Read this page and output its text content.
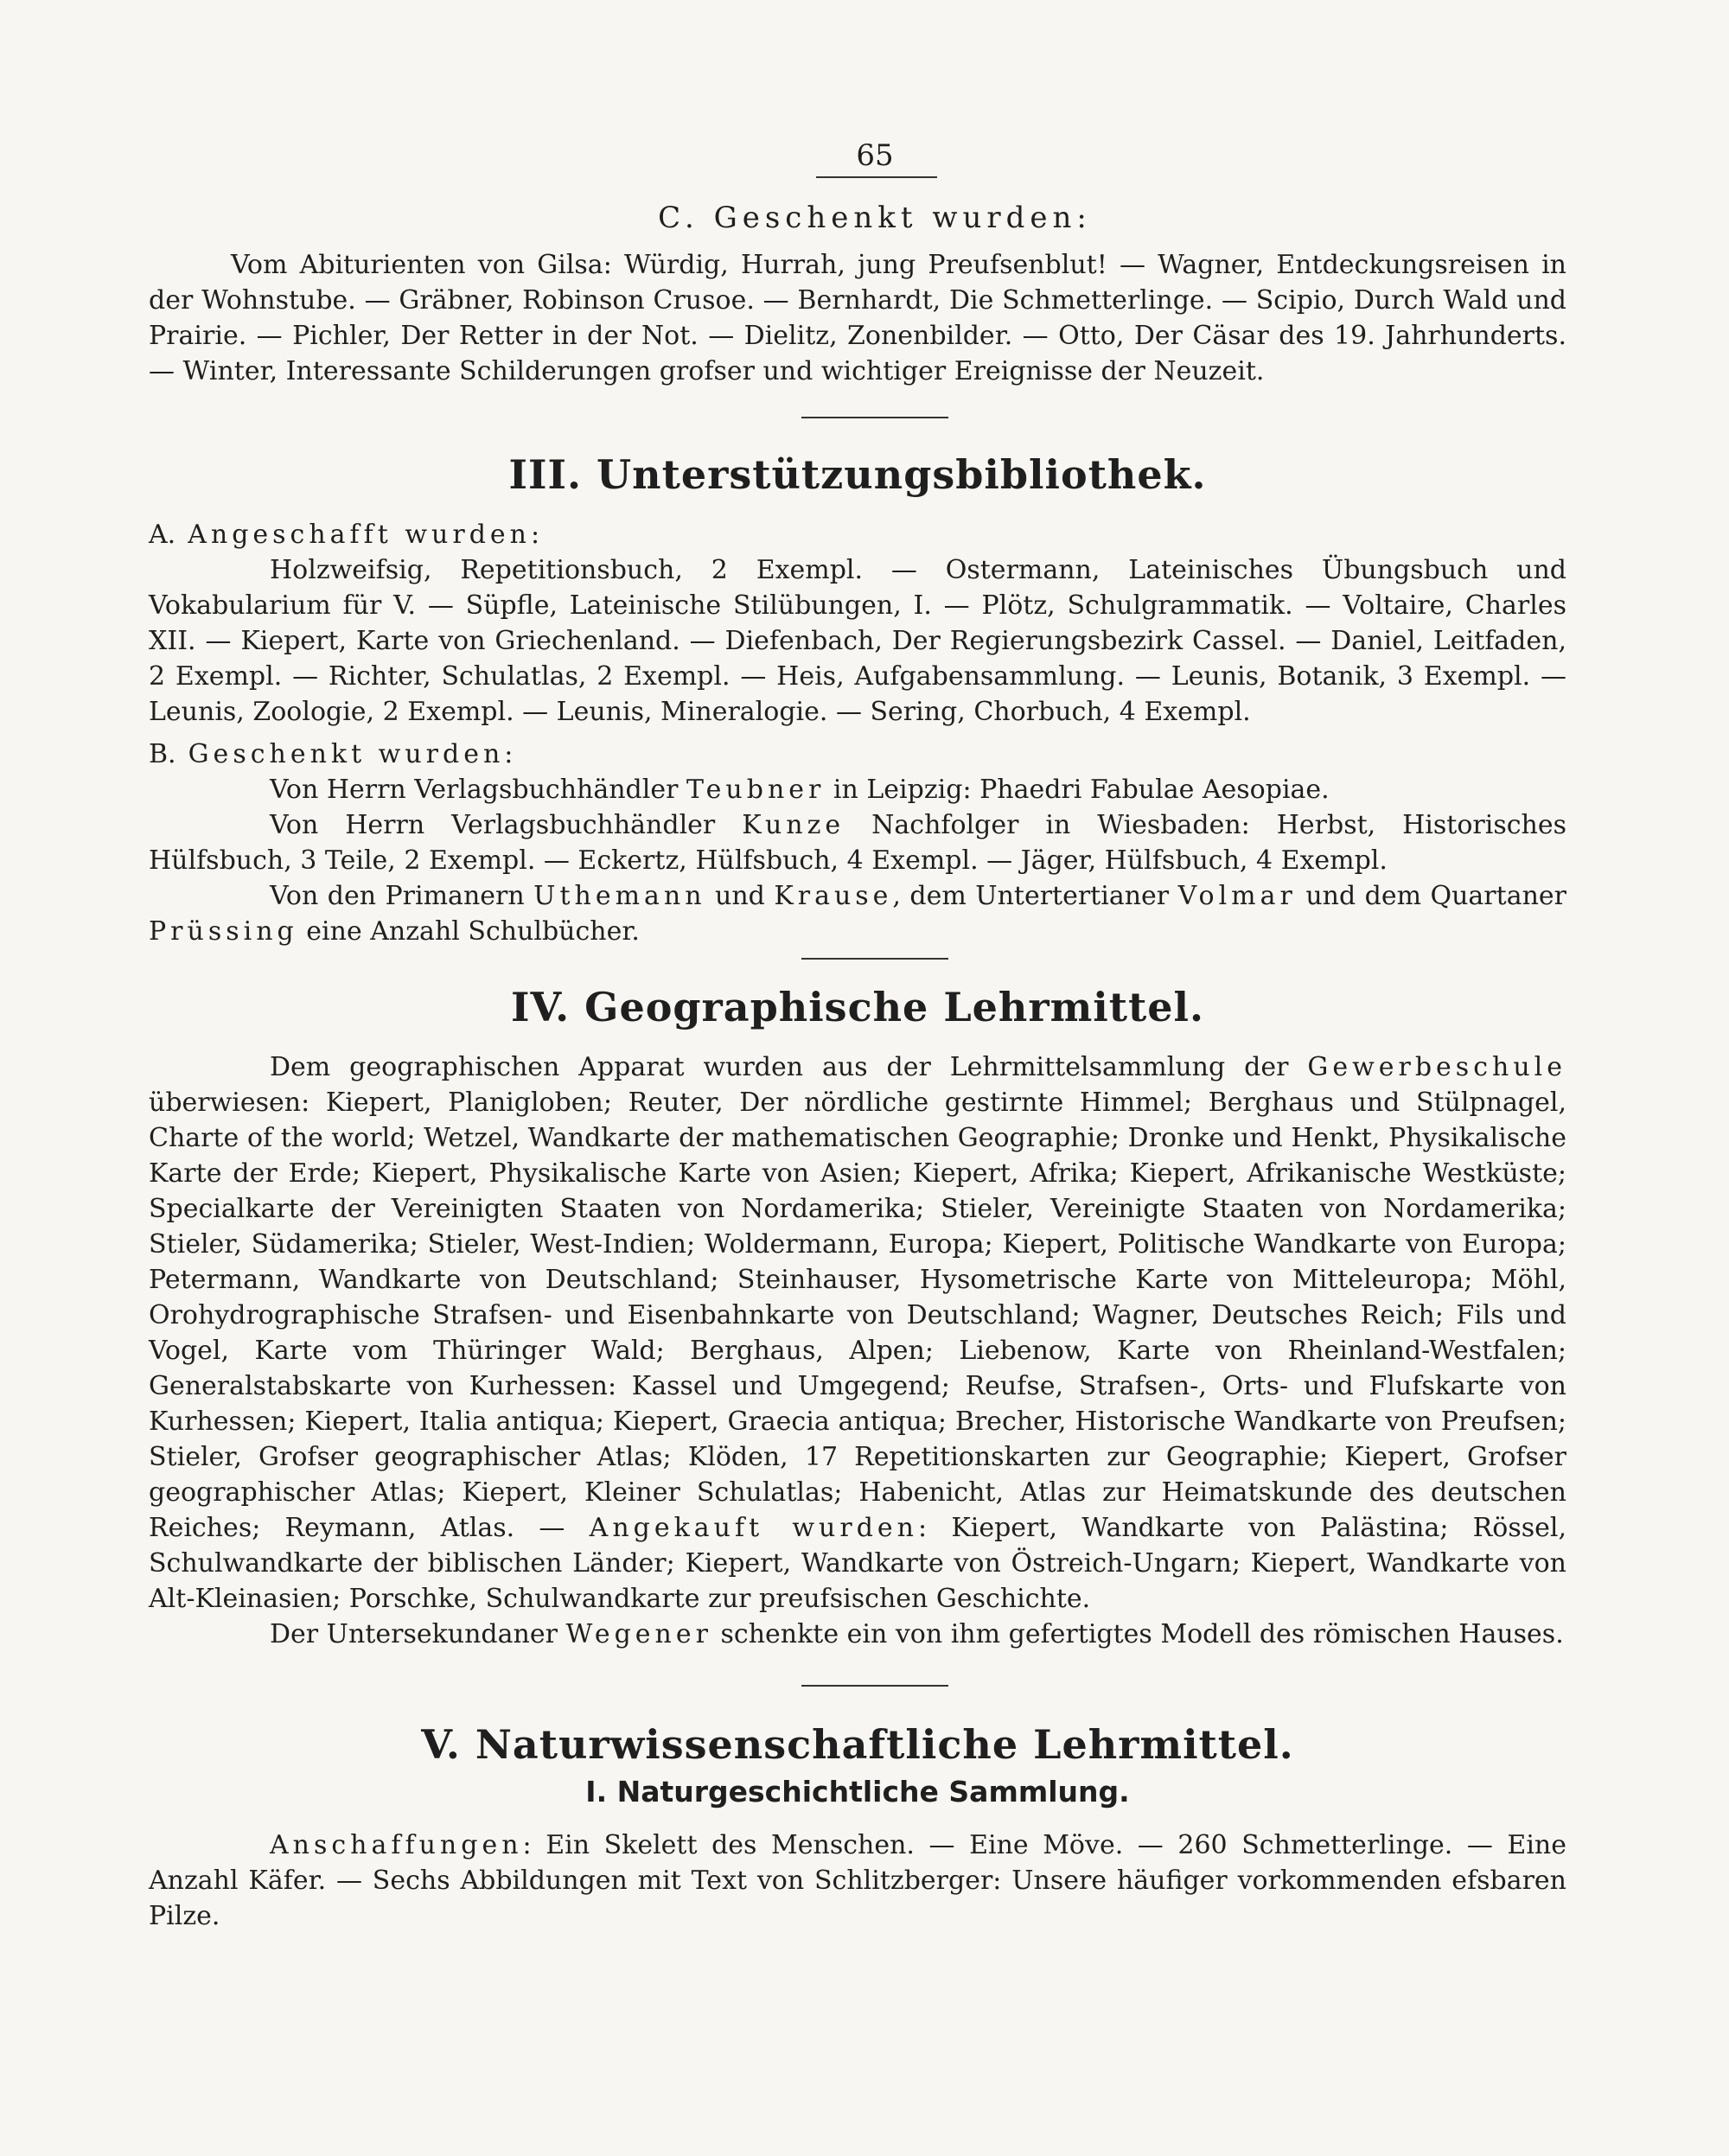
65
C. Geschenkt wurden:

Vom Abiturienten von Gilsa: Würdig, Hurrah, jung Preufsenblut! — Wagner, Entdeckungsreisen in der Wohnstube. — Gräbner, Robinson Crusoe. — Bernhardt, Die Schmetterlinge. — Scipio, Durch Wald und Prairie. — Pichler, Der Retter in der Not. — Dielitz, Zonenbilder. — Otto, Der Cäsar des 19. Jahrhunderts. — Winter, Interessante Schilderungen grofser und wichtiger Ereignisse der Neuzeit.

III. Unterstützungsbibliothek.

A. Angeschafft wurden:

Holzweifsig, Repetitionsbuch, 2 Exempl. — Ostermann, Lateinisches Übungsbuch und Vokabularium für V. — Süpfle, Lateinische Stilübungen, I. — Plötz, Schulgrammatik. — Voltaire, Charles XII. — Kiepert, Karte von Griechenland. — Diefenbach, Der Regierungsbezirk Cassel. — Daniel, Leitfaden, 2 Exempl. — Richter, Schulatlas, 2 Exempl. — Heis, Aufgabensammlung. — Leunis, Botanik, 3 Exempl. — Leunis, Zoologie, 2 Exempl. — Leunis, Mineralogie. — Sering, Chorbuch, 4 Exempl.

B. Geschenkt wurden:

Von Herrn Verlagsbuchhändler Teubner in Leipzig: Phaedri Fabulae Aesopiae.

Von Herrn Verlagsbuchhändler Kunze Nachfolger in Wiesbaden: Herbst, Historisches Hülfsbuch, 3 Teile, 2 Exempl. — Eckertz, Hülfsbuch, 4 Exempl. — Jäger, Hülfsbuch, 4 Exempl.

Von den Primanern Uthemann und Krause, dem Untertertianer Volmar und dem Quartaner Prüssing eine Anzahl Schulbücher.

IV. Geographische Lehrmittel.

Dem geographischen Apparat wurden aus der Lehrmittelsammlung der Gewerbeschule überwiesen: Kiepert, Planigloben; Reuter, Der nördliche gestirnte Himmel; Berghaus und Stülpnagel, Charte of the world; Wetzel, Wandkarte der mathematischen Geographie; Dronke und Henkt, Physikalische Karte der Erde; Kiepert, Physikalische Karte von Asien; Kiepert, Afrika; Kiepert, Afrikanische Westküste; Specialkarte der Vereinigten Staaten von Nordamerika; Stieler, Vereinigte Staaten von Nordamerika; Stieler, Südamerika; Stieler, West-Indien; Woldermann, Europa; Kiepert, Politische Wandkarte von Europa; Petermann, Wandkarte von Deutschland; Steinhauser, Hysometrische Karte von Mitteleuropa; Möhl, Orohydrographische Strafsen- und Eisenbahnkarte von Deutschland; Wagner, Deutsches Reich; Fils und Vogel, Karte vom Thüringer Wald; Berghaus, Alpen; Liebenow, Karte von Rheinland-Westfalen; Generalstabskarte von Kurhessen: Kassel und Umgegend; Reufse, Strafsen-, Orts- und Flufskarte von Kurhessen; Kiepert, Italia antiqua; Kiepert, Graecia antiqua; Brecher, Historische Wandkarte von Preufsen; Stieler, Grofser geographischer Atlas; Klöden, 17 Repetitionskarten zur Geographie; Kiepert, Grofser geographischer Atlas; Kiepert, Kleiner Schulatlas; Habenicht, Atlas zur Heimatskunde des deutschen Reiches; Reymann, Atlas. — Angekauft wurden: Kiepert, Wandkarte von Palästina; Rössel, Schulwandkarte der biblischen Länder; Kiepert, Wandkarte von Östreich-Ungarn; Kiepert, Wandkarte von Alt-Kleinasien; Porschke, Schulwandkarte zur preufsischen Geschichte.

Der Untersekundaner Wegener schenkte ein von ihm gefertigtes Modell des römischen Hauses.

V. Naturwissenschaftliche Lehrmittel.
I. Naturgeschichtliche Sammlung.

Anschaffungen: Ein Skelett des Menschen. — Eine Möve. — 260 Schmetterlinge. — Eine Anzahl Käfer. — Sechs Abbildungen mit Text von Schlitzberger: Unsere häufiger vorkommenden efsbaren Pilze.
